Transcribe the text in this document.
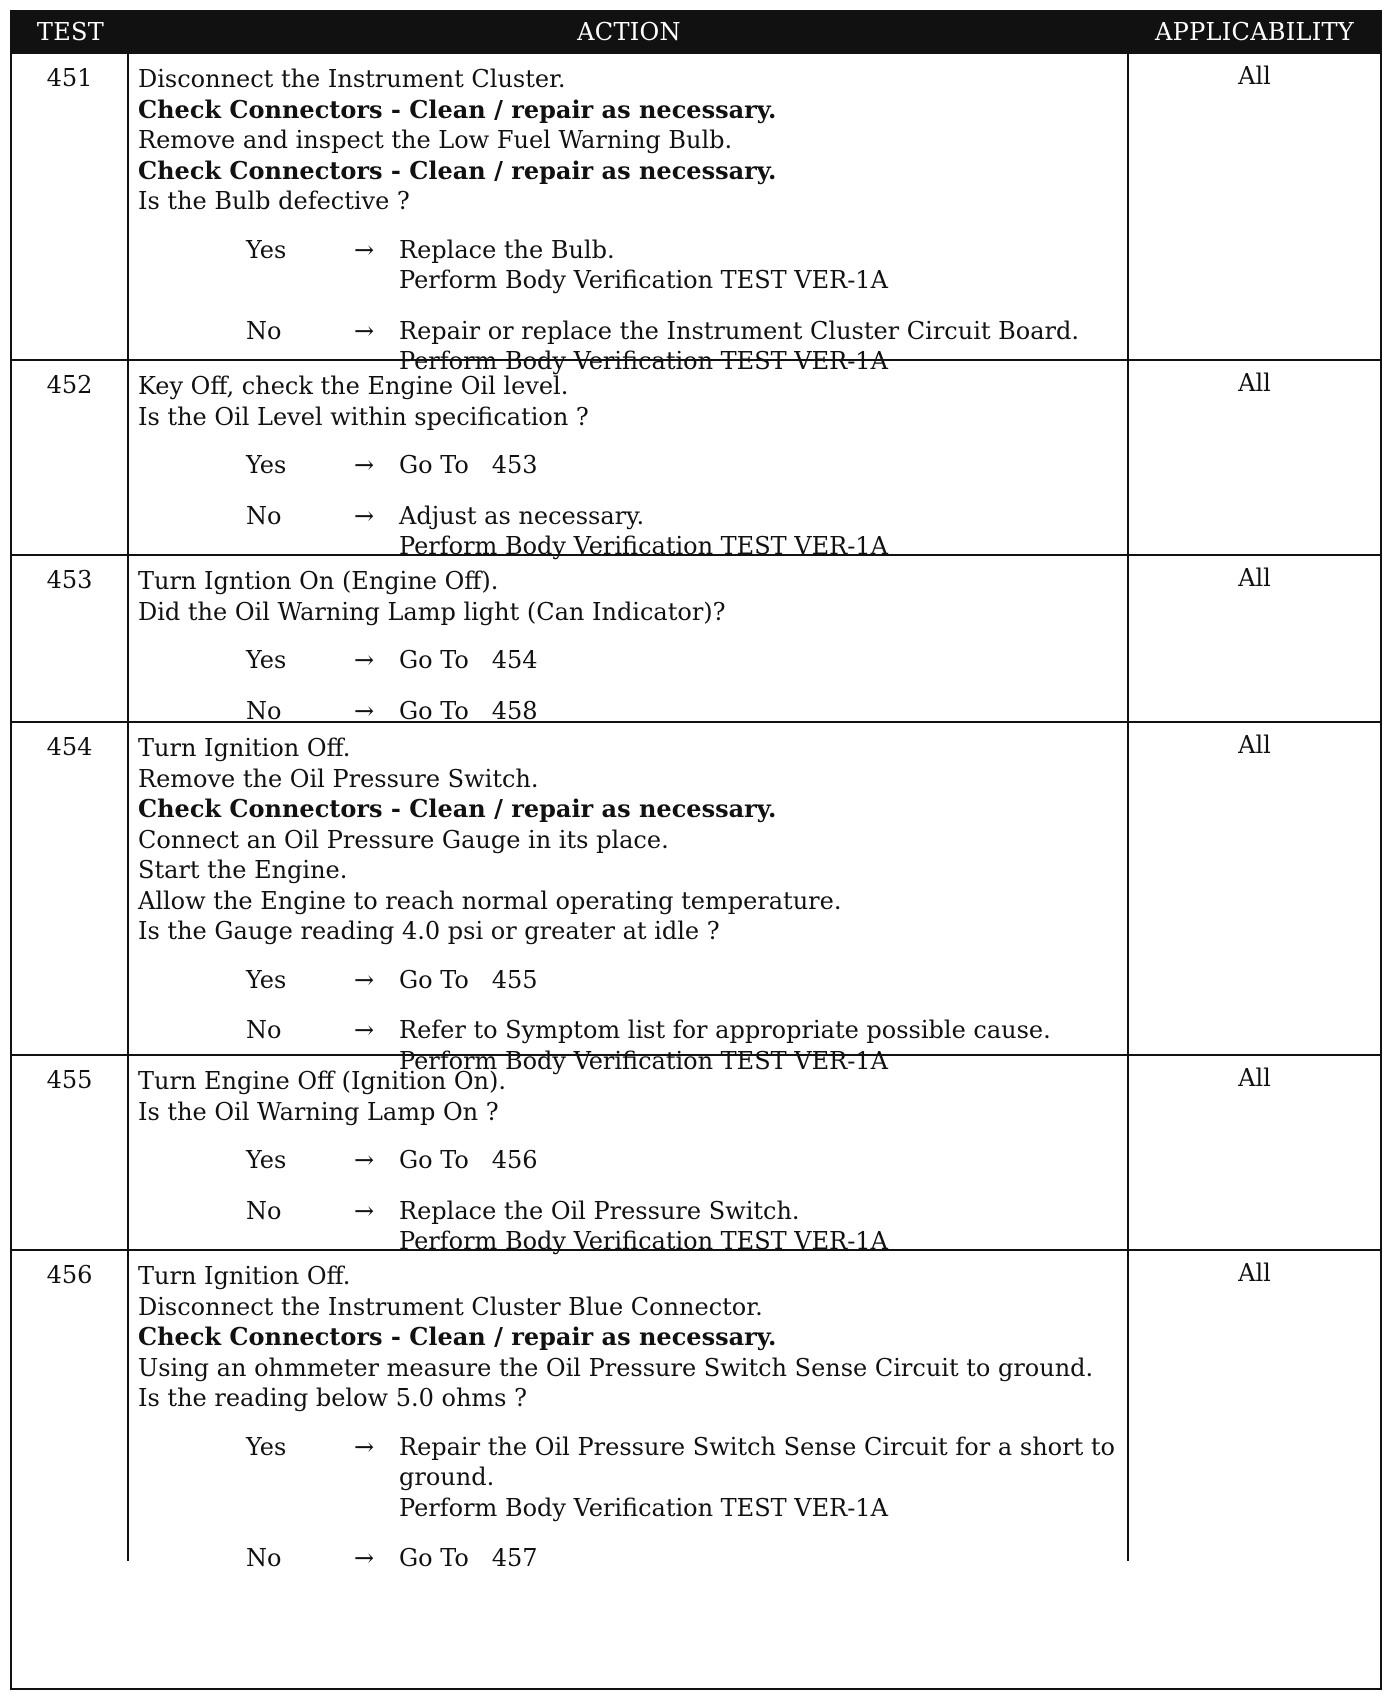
TEST	ACTION	APPLICABILITY
451	Disconnect the Instrument Cluster.
Check Connectors - Clean / repair as necessary.
Remove and inspect the Low Fuel Warning Bulb.
Check Connectors - Clean / repair as necessary.
Is the Bulb defective ?
Yes	→	Replace the Bulb.
Perform Body Verification TEST VER-1A
No	→	Repair or replace the Instrument Cluster Circuit Board.
Perform Body Verification TEST VER-1A
All
452	Key Off, check the Engine Oil level.
Is the Oil Level within specification ?
Yes	→	Go To   453
No	→	Adjust as necessary.
Perform Body Verification TEST VER-1A
All
453	Turn Igntion On (Engine Off).
Did the Oil Warning Lamp light (Can Indicator)?
Yes	→	Go To   454
No	→	Go To   458
All
454	Turn Ignition Off.
Remove the Oil Pressure Switch.
Check Connectors - Clean / repair as necessary.
Connect an Oil Pressure Gauge in its place.
Start the Engine.
Allow the Engine to reach normal operating temperature.
Is the Gauge reading 4.0 psi or greater at idle ?
Yes	→	Go To   455
No	→	Refer to Symptom list for appropriate possible cause.
Perform Body Verification TEST VER-1A
All
455	Turn Engine Off (Ignition On).
Is the Oil Warning Lamp On ?
Yes	→	Go To   456
No	→	Replace the Oil Pressure Switch.
Perform Body Verification TEST VER-1A
All
456	Turn Ignition Off.
Disconnect the Instrument Cluster Blue Connector.
Check Connectors - Clean / repair as necessary.
Using an ohmmeter measure the Oil Pressure Switch Sense Circuit to ground.
Is the reading below 5.0 ohms ?
Yes	→	Repair the Oil Pressure Switch Sense Circuit for a short to
ground.
Perform Body Verification TEST VER-1A
No	→	Go To   457
All
